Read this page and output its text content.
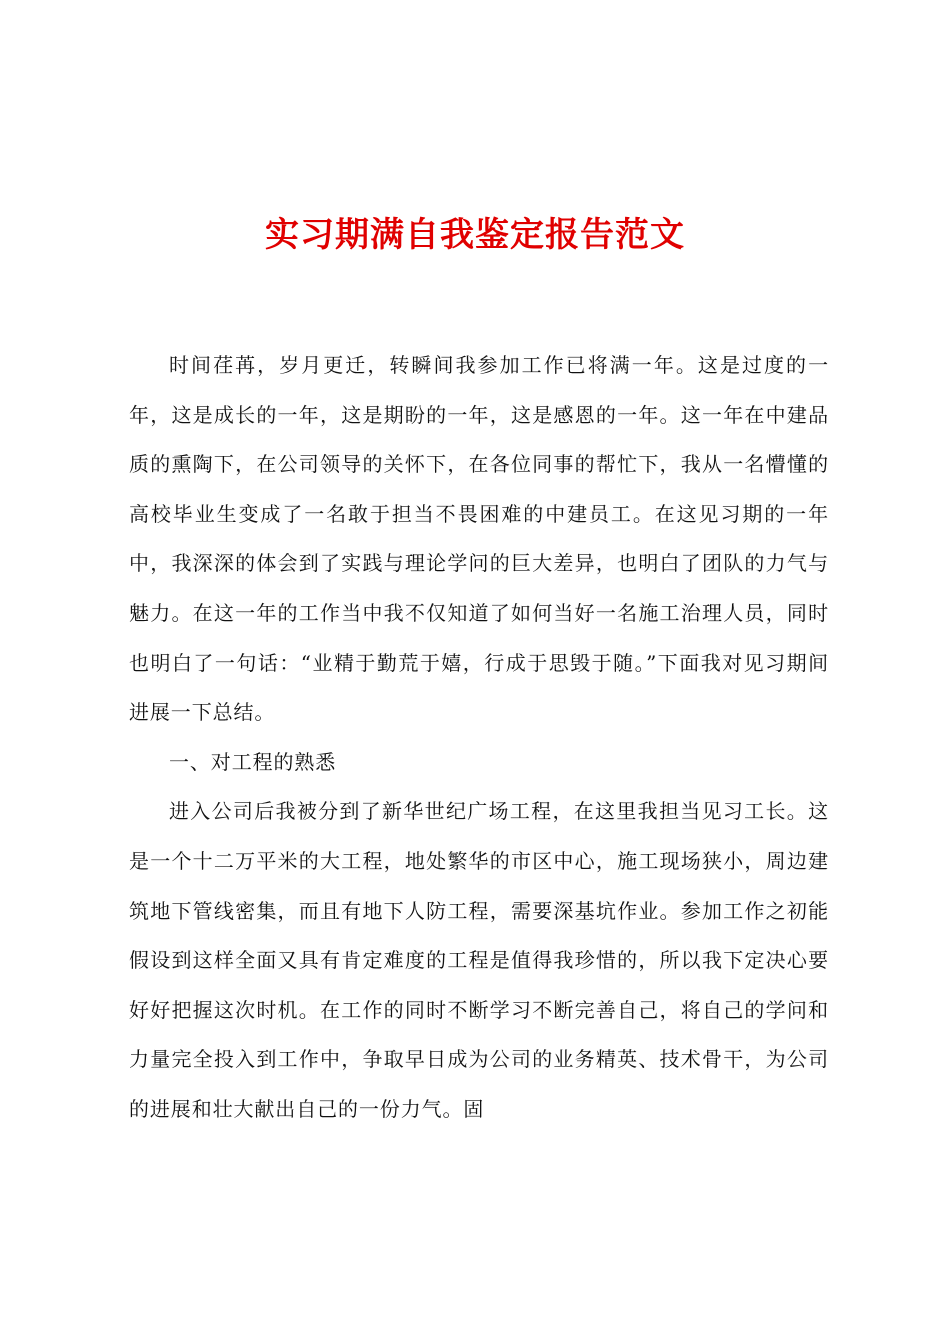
实习期满自我鉴定报告范文

时间荏苒，岁月更迁，转瞬间我参加工作已将满一年。这是过度的一年，这是成长的一年，这是期盼的一年，这是感恩的一年。这一年在中建品质的熏陶下，在公司领导的关怀下，在各位同事的帮忙下，我从一名懵懂的高校毕业生变成了一名敢于担当不畏困难的中建员工。在这见习期的一年中，我深深的体会到了实践与理论学问的巨大差异，也明白了团队的力气与魅力。在这一年的工作当中我不仅知道了如何当好一名施工治理人员，同时也明白了一句话：“业精于勤荒于嬉，行成于思毁于随。”下面我对见习期间进展一下总结。

一、对工程的熟悉

进入公司后我被分到了新华世纪广场工程，在这里我担当见习工长。这是一个十二万平米的大工程，地处繁华的市区中心，施工现场狭小，周边建筑地下管线密集，而且有地下人防工程，需要深基坑作业。参加工作之初能假设到这样全面又具有肯定难度的工程是值得我珍惜的，所以我下定决心要好好把握这次时机。在工作的同时不断学习不断完善自己，将自己的学问和力量完全投入到工作中，争取早日成为公司的业务精英、技术骨干，为公司的进展和壮大献出自己的一份力气。固
